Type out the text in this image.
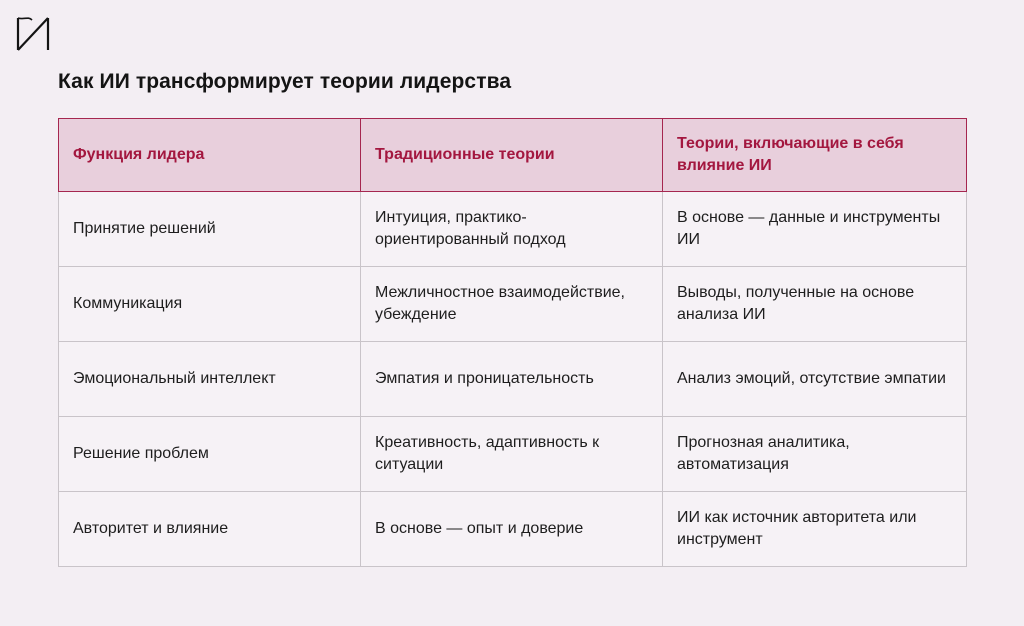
Как ИИ трансформирует теории лидерства
Функция лидера	Традиционные теории	Теории, включающие в себя влияние ИИ
Принятие решений	Интуиция, практико-ориентированный подход	В основе — данные и инструменты ИИ
Коммуникация	Межличностное взаимодействие, убеждение	Выводы, полученные на основе анализа ИИ
Эмоциональный интеллект	Эмпатия и проницательность	Анализ эмоций, отсутствие эмпатии
Решение проблем	Креативность, адаптивность к ситуации	Прогнозная аналитика, автоматизация
Авторитет и влияние	В основе — опыт и доверие	ИИ как источник авторитета или инструмент
